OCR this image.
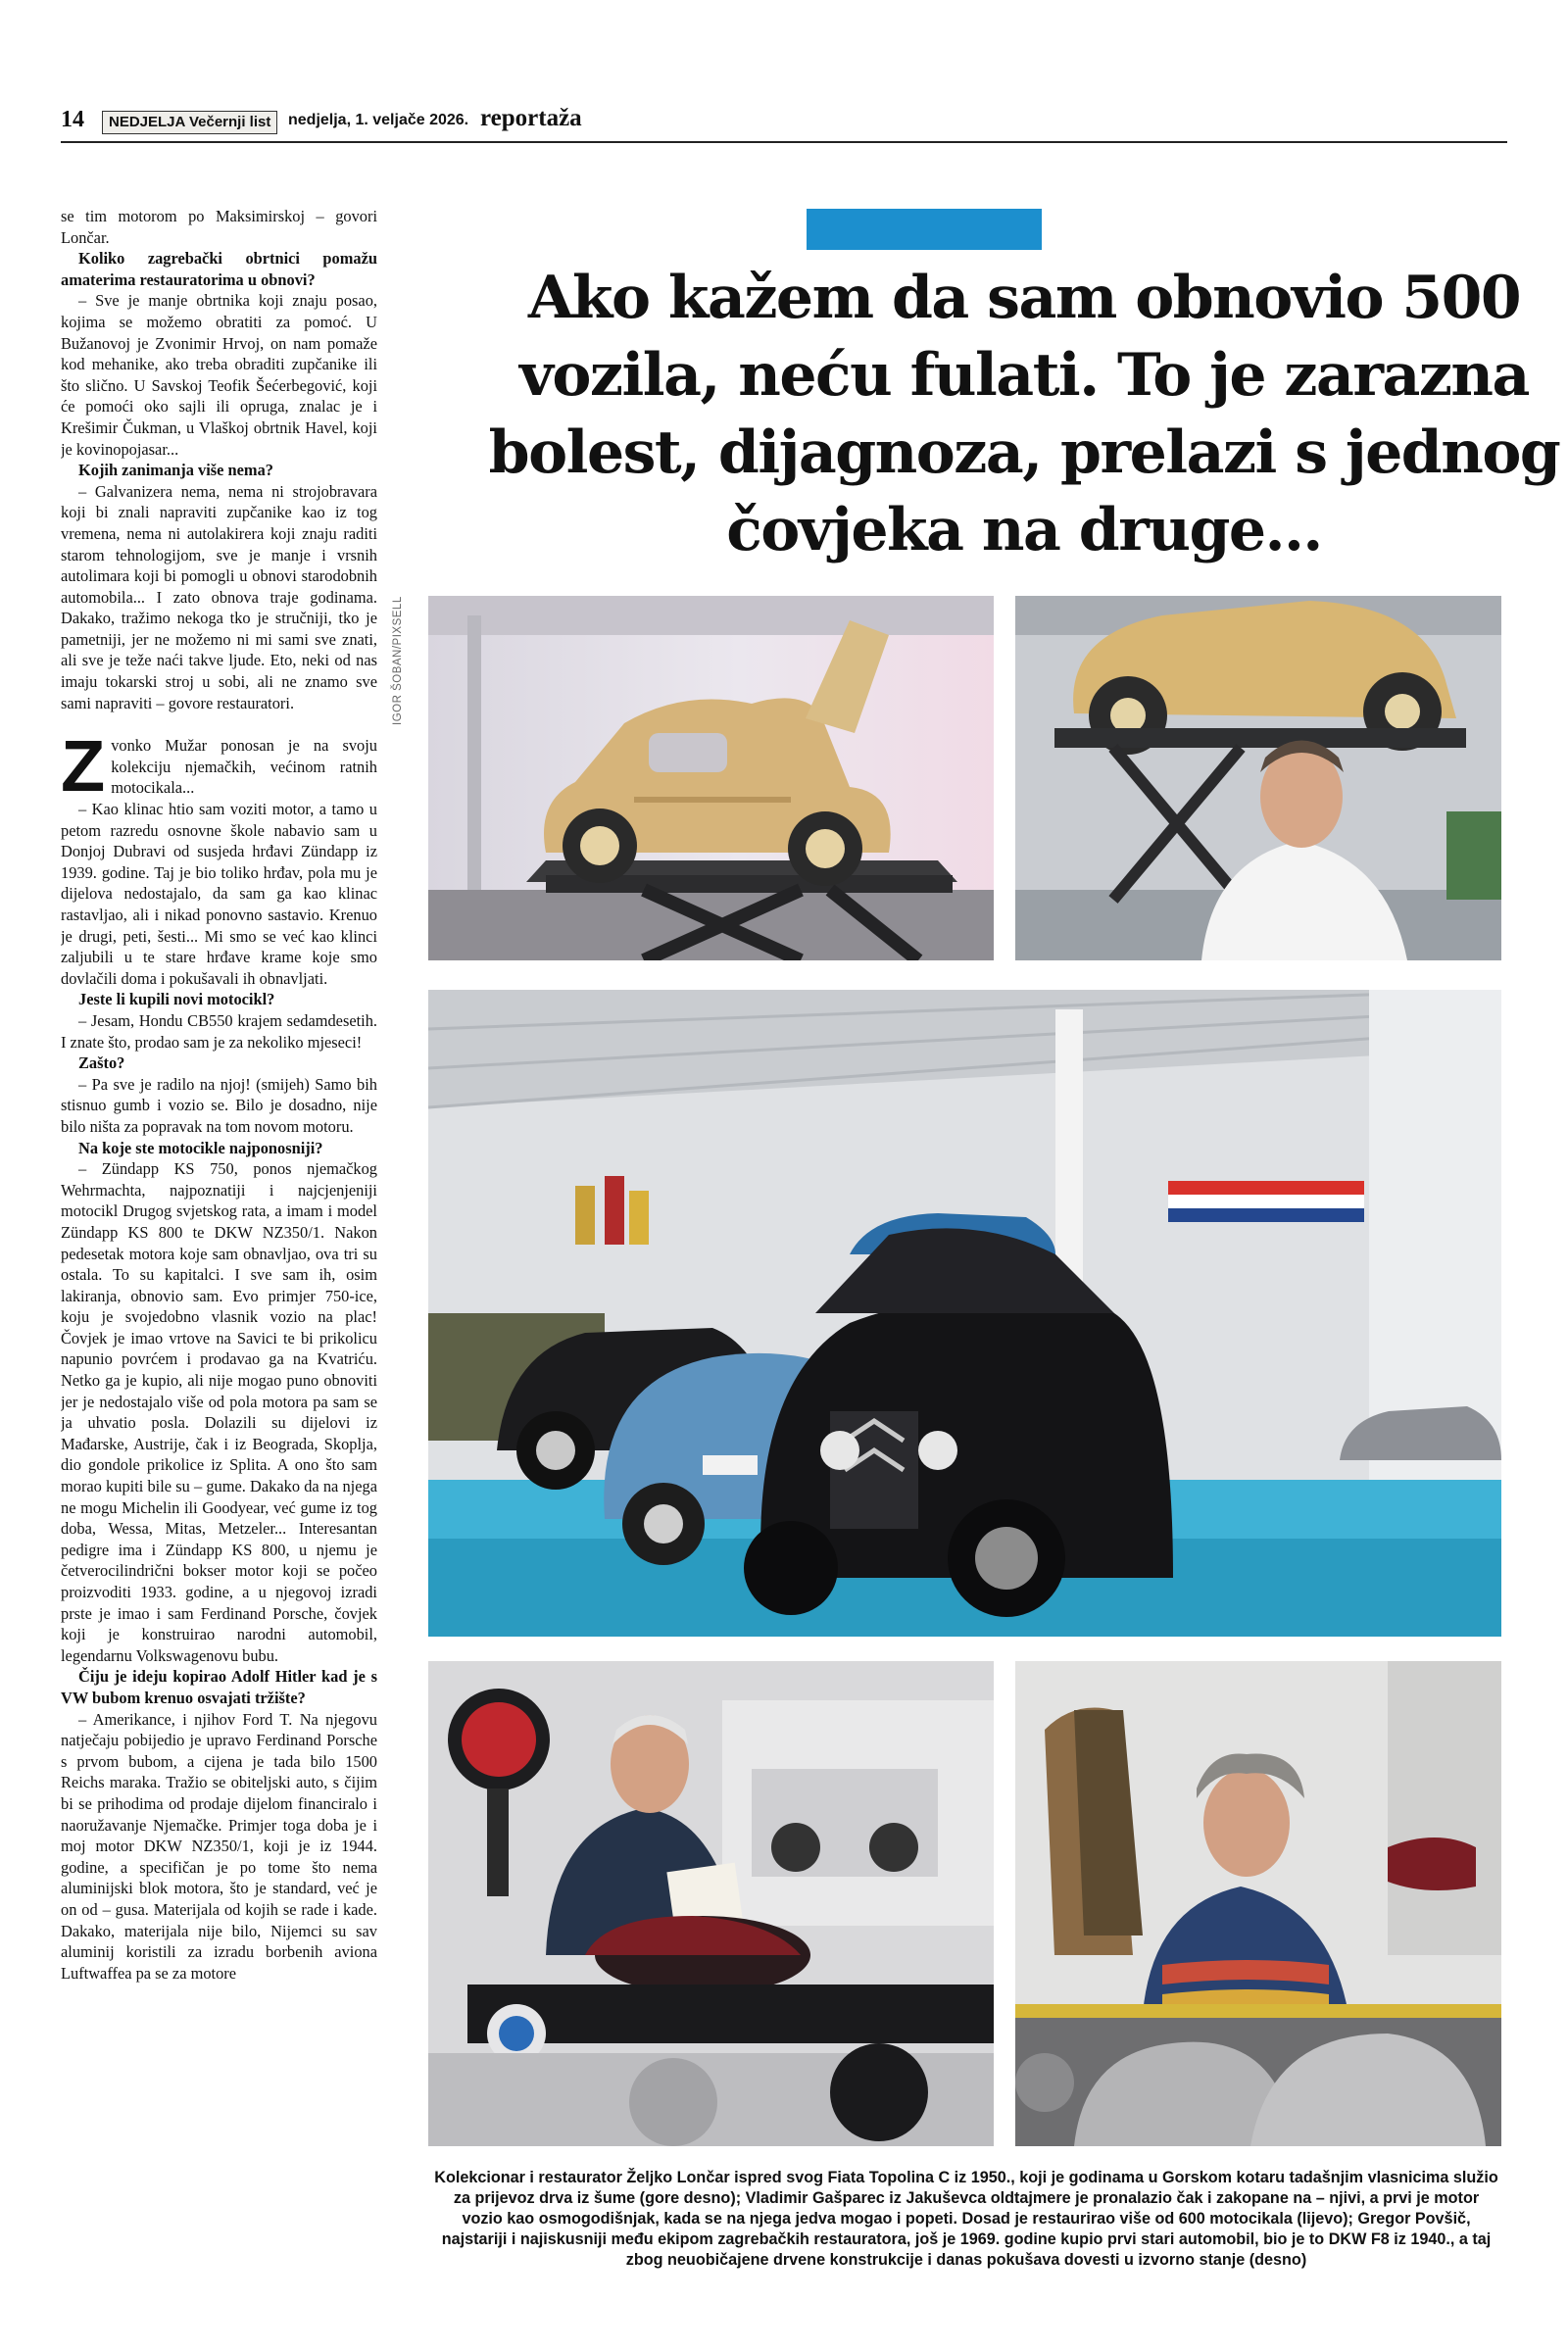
14	NEDJELJA Večernji list	nedjelja, 1. veljače 2026. reportaža

se tim motorom po Maksimirskoj – govori Lončar.

Koliko zagrebački obrtnici pomažu amaterima restauratorima u obnovi?

– Sve je manje obrtnika koji znaju posao, kojima se možemo obratiti za pomoć. U Bužanovoj je Zvonimir Hrvoj, on nam pomaže kod mehanike, ako treba obraditi zupčanike ili što slično. U Savskoj Teofik Šećerbegović, koji će pomoći oko sajli ili opruga, znalac je i Krešimir Čukman, u Vlaškoj obrtnik Havel, koji je kovinopojasar...

Kojih zanimanja više nema?

– Galvanizera nema, nema ni strojobravara koji bi znali napraviti zupčanike kao iz tog vremena, nema ni autolakirera koji znaju raditi starom tehnologijom, sve je manje i vrsnih autolimara koji bi pomogli u obnovi starodobnih automobila... I zato obnova traje godinama. Dakako, tražimo nekoga tko je stručniji, tko je pametniji, jer ne možemo ni mi sami sve znati, ali sve je teže naći takve ljude. Eto, neki od nas imaju tokarski stroj u sobi, ali ne znamo sve sami napraviti – govore restauratori.

Zvonko Mužar ponosan je na svoju kolekciju njemačkih, većinom ratnih motocikala...

– Kao klinac htio sam voziti motor, a tamo u petom razredu osnovne škole nabavio sam u Donjoj Dubravi od susjeda hrđavi Zündapp iz 1939. godine. Taj je bio toliko hrđav, pola mu je dijelova nedostajalo, da sam ga kao klinac rastavljao, ali i nikad ponovno sastavio. Krenuo je drugi, peti, šesti... Mi smo se već kao klinci zaljubili u te stare hrđave krame koje smo dovlačili doma i pokušavali ih obnavljati.

Jeste li kupili novi motocikl?

– Jesam, Hondu CB550 krajem sedamdesetih. I znate što, prodao sam je za nekoliko mjeseci!

Zašto?

– Pa sve je radilo na njoj! (smijeh) Samo bih stisnuo gumb i vozio se. Bilo je dosadno, nije bilo ništa za popravak na tom novom motoru.

Na koje ste motocikle najponosniji?

– Zündapp KS 750, ponos njemačkog Wehrmachta, najpoznatiji i najcjenjeniji motocikl Drugog svjetskog rata, a imam i model Zündapp KS 800 te DKW NZ350/1. Nakon pedesetak motora koje sam obnavljao, ova tri su ostala. To su kapitalci. I sve sam ih, osim lakiranja, obnovio sam. Evo primjer 750-ice, koju je svojedobno vlasnik vozio na plac! Čovjek je imao vrtove na Savici te bi prikolicu napunio povrćem i prodavao ga na Kvatriću. Netko ga je kupio, ali nije mogao puno obnoviti jer je nedostajalo više od pola motora pa sam se ja uhvatio posla. Dolazili su dijelovi iz Mađarske, Austrije, čak i iz Beograda, Skoplja, dio gondole prikolice iz Splita. A ono što sam morao kupiti bile su – gume. Dakako da na njega ne mogu Michelin ili Goodyear, već gume iz tog doba, Wessa, Mitas, Metzeler... Interesantan pedigre ima i Zündapp KS 800, u njemu je četverocilindrični bokser motor koji se počeo proizvoditi 1933. godine, a u njegovoj izradi prste je imao i sam Ferdinand Porsche, čovjek koji je konstruirao narodni automobil, legendarnu Volkswagenovu bubu.

Čiju je ideju kopirao Adolf Hitler kad je s VW bubom krenuo osvajati tržište?

– Amerikance, i njihov Ford T. Na njegovu natječaju pobijedio je upravo Ferdinand Porsche s prvom bubom, a cijena je tada bilo 1500 Reichs maraka. Tražio se obiteljski auto, s čijim bi se prihodima od prodaje dijelom financiralo i naoružavanje Njemačke. Primjer toga doba je i moj motor DKW NZ350/1, koji je iz 1944. godine, a specifičan je po tome što nema aluminijski blok motora, što je standard, već je on od – gusa. Materijala od kojih se rade i kade. Dakako, materijala nije bilo, Nijemci su sav aluminij koristili za izradu borbenih aviona Luftwaffea pa se za motore

Ako kažem da sam obnovio 500 vozila, neću fulati. To je zarazna bolest, dijagnoza, prelazi s jednog čovjeka na druge...
IGOR ŠOBAN/PIXSELL
Kolekcionar i restaurator Željko Lončar ispred svog Fiata Topolina C iz 1950., koji je godinama u Gorskom kotaru tadašnjim vlasnicima služio za prijevoz drva iz šume (gore desno); Vladimir Gašparec iz Jakuševca oldtajmere je pronalazio čak i zakopane na – njivi, a prvi je motor vozio kao osmogodišnjak, kada se na njega jedva mogao i popeti. Dosad je restaurirao više od 600 motocikala (lijevo); Gregor Povšič, najstariji i najiskusniji među ekipom zagrebačkih restauratora, još je 1969. godine kupio prvi stari automobil, bio je to DKW F8 iz 1940., a taj zbog neuobičajene drvene konstrukcije i danas pokušava dovesti u izvorno stanje (desno)
